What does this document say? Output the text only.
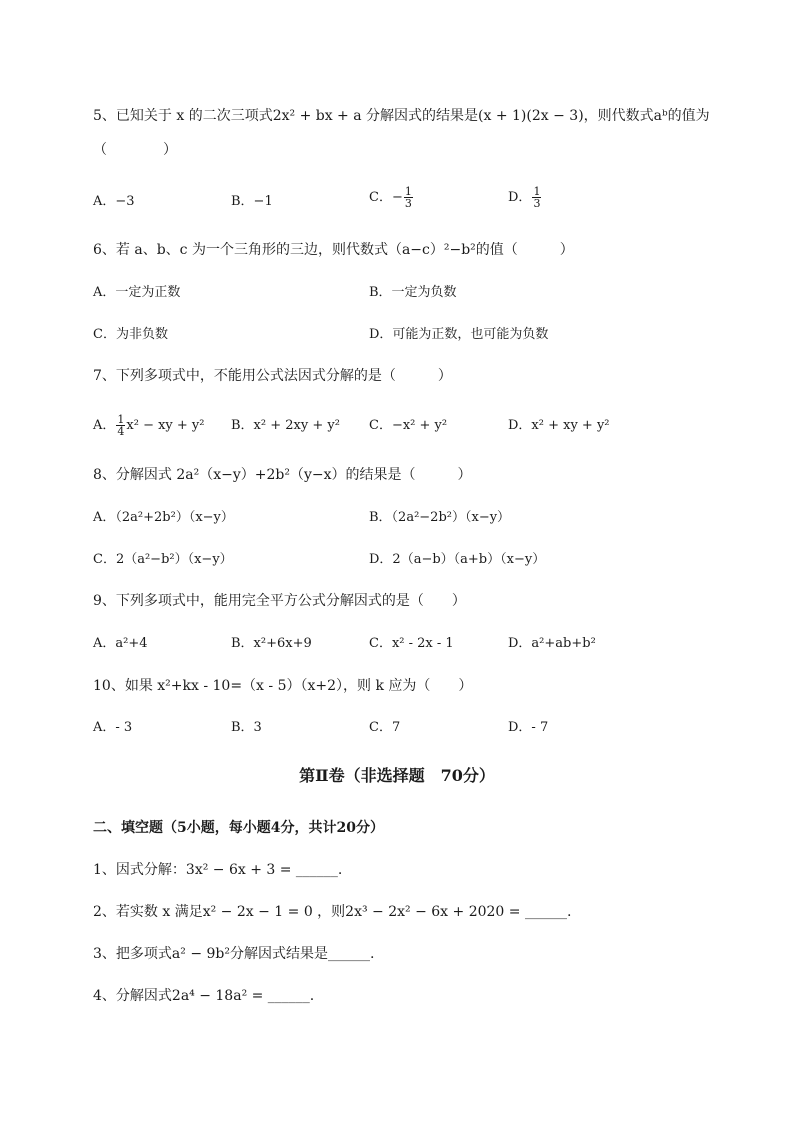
5、已知关于 x 的二次三项式2x² + bx + a 分解因式的结果是(x + 1)(2x − 3)，则代数式aᵇ的值为
（　　　　）
A．−3	B．−1	C．− $\frac{1}{3}$	D． $\frac{1}{3}$
6、若 a、b、c 为一个三角形的三边，则代数式（a−c）²−b²的值（　　　）
A．一定为正数	B．一定为负数
C．为非负数	D．可能为正数，也可能为负数
7、下列多项式中，不能用公式法因式分解的是（　　　）
A． $\frac{1}{4} x^2$ − xy + y² B．x² + 2xy + y² C．−x² + y²	D．x² + xy + y²
8、分解因式 2a²（x−y）+2b²（y−x）的结果是（　　　）
A．（2a²+2b²）（x−y）	B．（2a²−2b²）（x−y）
C．2（a²−b²）（x−y）	D．2（a−b）（a+b）（x−y）
9、下列多项式中，能用完全平方公式分解因式的是（　　）
A．a²+4	B．x²+6x+9	C．x² - 2x - 1	D．a²+ab+b²
10、如果 x²+kx - 10=（x - 5）（x+2），则 k 应为（　　）
A．- 3	B．3	C．7	D．- 7
第Ⅱ卷（非选择题　70分）
二、填空题（5小题，每小题4分，共计20分）
1、因式分解：3x² − 6x + 3 = ______.
2、若实数 x 满足x² − 2x − 1 = 0 ，则2x³ − 2x² − 6x + 2020 = ______.
3、把多项式a² − 9b²分解因式结果是______.
4、分解因式2a⁴ − 18a² = ______.
